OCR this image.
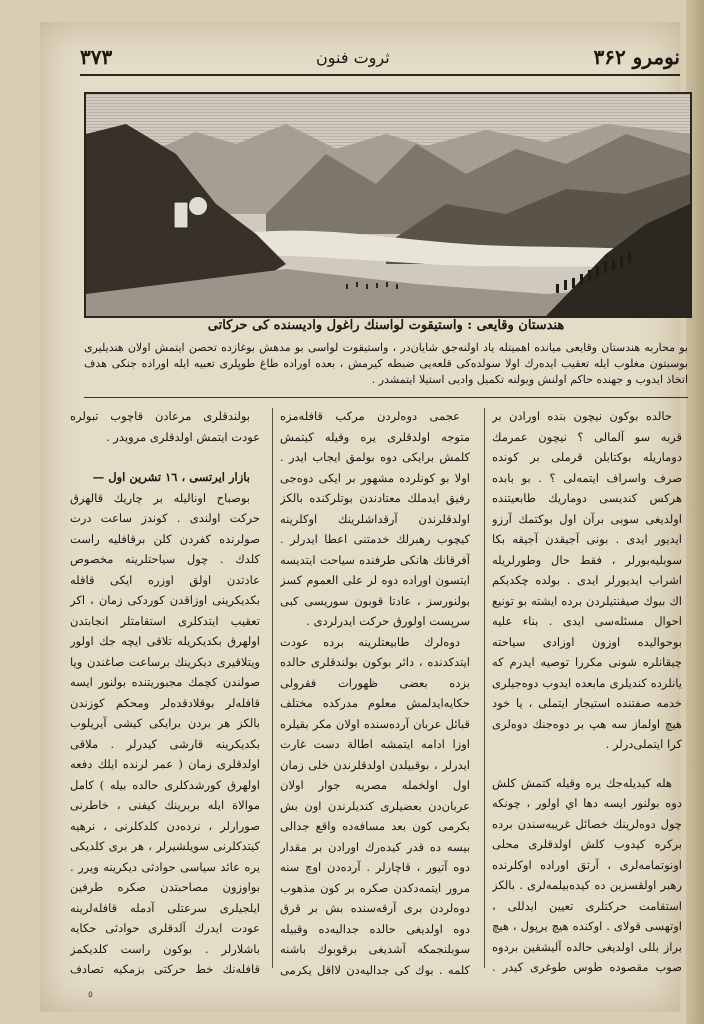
نومرو ۳۶۲
ثروت فنون
۳۷۳
هندستان وقايعی : واستيقوت لواسنك راغول واديسنده كی حركاتی
بو محاربه هندستان وقايعی ميانده اهميتله ياد اولنه‌جق شايان‌در ، واستيقوت لواسی بو مدهش بوغازده تحصن ايتمش اولان هنديليری بوسبتون مغلوب ايله تعقيب ايده‌رك اولا سولده‌كی قلعه‌يی ضبطه كيرمش ، بعده اوراده طاغ طوپلری تعبيه ايله اوراده جنكی هدف اتخاذ ايدوب و جهنده حاكم اولنش ويولنه تكميل واديی استيلا ايتمشدر .

حالده بوكون نيچون بنده اورادن بر قربه سو آلمالی ؟ نيچون عمرمك دوماريله بوكتابلن قرملی بر كونده صرف واسراف ايتمه‌لی ؟ . بو بابده هركس كنديسی دوماريك طابعيتنده اولديغی سوبی برآن اول بوكتمك آرزو ايديور ايدی . بونی آجيقدن آجيقه بكا سوبليه‌بورلر ، فقط حال وطورلريله اشراب ايديورلر ايدی . بولده چكديكم اك بيوك صيقنتيلردن برده ايشته بو تونيع احوال مسئله‌سی ايدی . بناء عليه بوحواليده اوزون اوزادی سياحته چيقانلره شونی مكررا توصيه ايدرم كه يانلرده كنديلری مابعده ايدوب دوه‌جيلری خدمه صفتنده استيجار ايتملی ، يا خود هيچ اولماز سه هپ بر دوه‌جنك دوه‌لری كرا ايتملی‌درلر .

هله كيديله‌جك يره وقيله كتمش كلش دوه بولنور ايسه دها اي اولور ، چونكه چول دوه‌لرينك خصائل غريبه‌سندن برده بركره كيدوب كلش اولدقلری محلی اونوتمامه‌لری ، آرتق اوراده اوكلرنده رهبر اولقسزين ده كيده‌بيلمه‌لری . بالكز استقامت حركتلری تعيين ايدللی ، اوتهسی قولای . اوكنده هيچ يرپول ، هيچ براز بللی اولديغی حالده آليشقين بردوه صوب مقصوده طوس طوغری كيدر .

عجمی دوه‌لردن مركب قافله‌مزه متوجه اولدقلری يره وقيله كيتمش كلمش برايكی دوه‌ بولمق ايجاب ايدر . اولا بو كونلرده مشهور بر ايكی دوه‌جی رفيق ايدملك معتادندن بوتلركنده بالكز اولدقلرندن آرقداشلرينك اوكلرينه كيچوب رهبرلك خدمتنی اعطا ايدرلر . آفرقانك هانكی طرفنده سياحت ايتديسه ايتسون اوراده دوه لر علی العموم كسز بولنورسز ، عادتا قوبون سوريسی كبی سرپست اولورق حركت ايدرلردی .

دوه‌لرك طابيعتلرينه برده عودت ايتدكدنده ، دائر بوكون بولندقلری حالده بزده بعضی ظهورات فقرولی حكايه‌ايدلمش معلوم مدركده مختلف قبائل عربان آرده‌سنده اولان مكر بقيلره اوزا ادامه ايتمشه اطالة دست غارت ايدرلر ، بوقبيلدن اولدقلرندن خلی زمان اول اولخمله مصريه جوار اولان عربان‌دن بعضيلری كنديلرندن اون بش بكرمی كون بعد مسافه‌ده واقع جدالی بيسه ده قدر كيده‌رك اورادن بر مقدار دوه آتيور ، قاچارلر . آرده‌دن اوچ سنه مرور ايتمه‌دكدن صكره بر كون مذهوب دوه‌لردن بری آرقه‌سنده بش بر قرق دوه اولديغی حالده جداليه‌ده وقبيله سوبلنجمكه آشديغی برقوبوك باشنه كلمه . بوك كی جداليه‌دن لااقل يكرمی

بولندقلری مرعادن قاچوب تبولره عودت ايتمش اولدقلری مرويدر .

بازار ايرتسی ، ١٦ تشرين اول —

بوصباح اوناليله بر چاريك قالهرق حركت اولندی . كوندز ساعت درت صولرنده كفردن كلن برقافليه راست كلدك . چول سياحتلرينه مخصوص عادتدن اولق اوزره ايكی قافله بكديكرينی اوزاقدن كوردكی زمان ، اكر تعقيب ايتدكلری استقامتلر انجابتدن اولهرق بكديكريله تلاقی ايچه جك اولور ويتلاقيری ديكرينك برساعت صاغندن ويا صولندن كچمك مجبوريتنده بولنور ايسه قافله‌لر بوقلادقده‌لر ومحكم كوزندن بالكز هر بردن برايكی كيشی آيريلوب بكديكرينه قارشی كيدرلر . ملاقی اولدقلری زمان ( عمر لرنده ايلك دفعه اولهرق كورشدكلری حالده بيله ) كامل موالاة ايله بربرينك كيفنی ، خاطرنی صورارلر ، نرده‌دن كلدكلرنی ، نرهيه كيتدكلرنی سويلشيرلر ، هر بری كلديكی يره عائد سياسی حوادثی ديكرينه ويرر . بواوزون مصاحبتدن صكره طرفين ايلجيلری سرعتلی آدمله قافله‌لرينه عودت ايدرك آلدقلری حوادثی حكايه باشلارلر . بوكون راست كلديكمز قافله‌نك خط حركتی بزمكيه تصادف

٥
